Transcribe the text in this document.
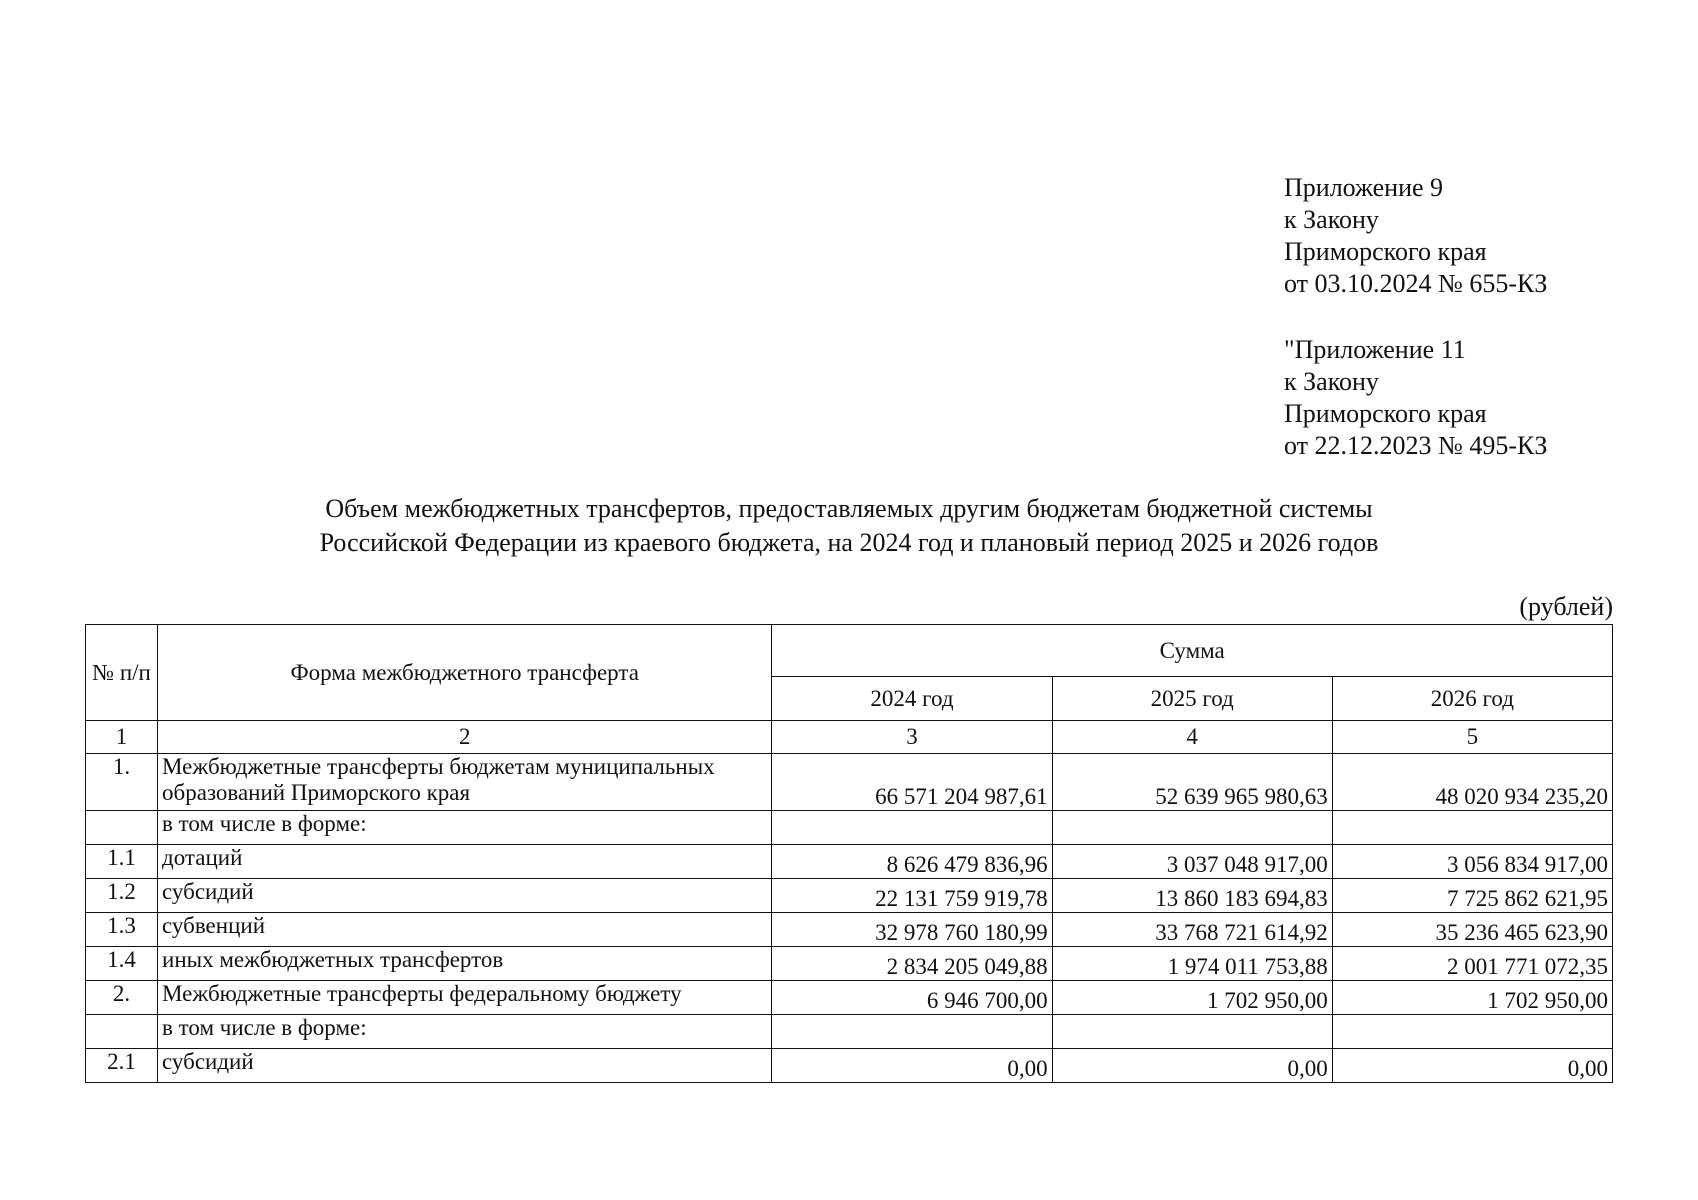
Приложение 9
к Закону
Приморского края
от 03.10.2024 № 655-КЗ
"Приложение 11
к Закону
Приморского края
от 22.12.2023 № 495-КЗ
Объем межбюджетных трансфертов, предоставляемых другим бюджетам бюджетной системы
Российской Федерации из краевого бюджета, на 2024 год и плановый период 2025 и 2026 годов
(рублей)
№ п/п	Форма межбюджетного трансферта	Сумма		
		2024 год	2025 год	2026 год
1	2	3	4	5
1.	Межбюджетные трансферты бюджетам муниципальных образований Приморского края	66 571 204 987,61	52 639 965 980,63	48 020 934 235,20
	в том числе в форме:			
1.1	дотаций	8 626 479 836,96	3 037 048 917,00	3 056 834 917,00
1.2	субсидий	22 131 759 919,78	13 860 183 694,83	7 725 862 621,95
1.3	субвенций	32 978 760 180,99	33 768 721 614,92	35 236 465 623,90
1.4	иных межбюджетных трансфертов	2 834 205 049,88	1 974 011 753,88	2 001 771 072,35
2.	Межбюджетные трансферты федеральному бюджету	6 946 700,00	1 702 950,00	1 702 950,00
	в том числе в форме:			
2.1	субсидий	0,00	0,00	0,00
